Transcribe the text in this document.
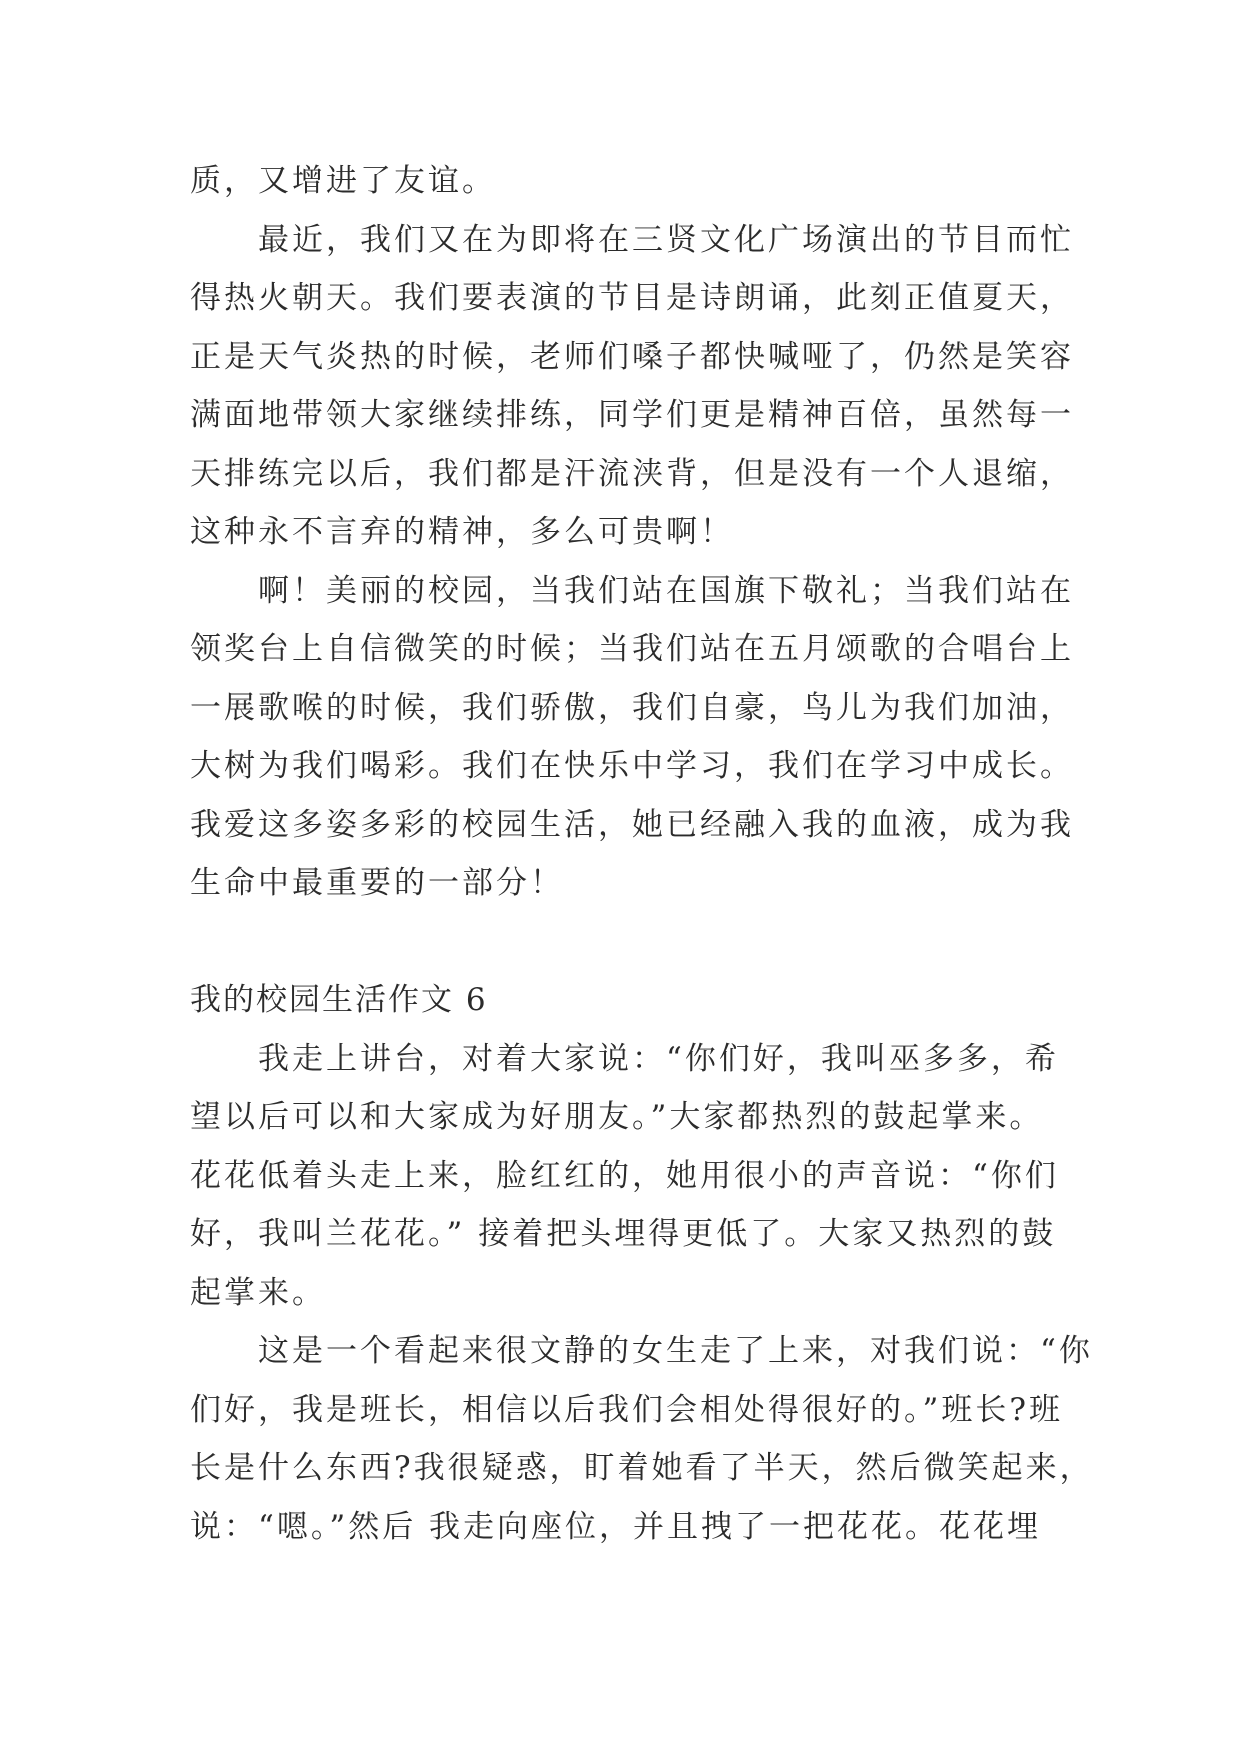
质，又增进了友谊。
最近，我们又在为即将在三贤文化广场演出的节目而忙
得热火朝天。我们要表演的节目是诗朗诵，此刻正值夏天，
正是天气炎热的时候，老师们嗓子都快喊哑了，仍然是笑容
满面地带领大家继续排练，同学们更是精神百倍，虽然每一
天排练完以后，我们都是汗流浃背，但是没有一个人退缩，
这种永不言弃的精神，多么可贵啊！
啊！美丽的校园，当我们站在国旗下敬礼；当我们站在
领奖台上自信微笑的时候；当我们站在五月颂歌的合唱台上
一展歌喉的时候，我们骄傲，我们自豪，鸟儿为我们加油，
大树为我们喝彩。我们在快乐中学习，我们在学习中成长。
我爱这多姿多彩的校园生活，她已经融入我的血液，成为我
生命中最重要的一部分！
我的校园生活作文 6
我走上讲台，对着大家说：“你们好，我叫巫多多，希
望以后可以和大家成为好朋友。”大家都热烈的鼓起掌来。
花花低着头走上来，脸红红的，她用很小的声音说：“你们
好，我叫兰花花。” 接着把头埋得更低了。大家又热烈的鼓
起掌来。
这是一个看起来很文静的女生走了上来，对我们说：“你
们好，我是班长，相信以后我们会相处得很好的。”班长?班
长是什么东西?我很疑惑，盯着她看了半天，然后微笑起来，
说：“嗯。”然后 我走向座位，并且拽了一把花花。花花埋
